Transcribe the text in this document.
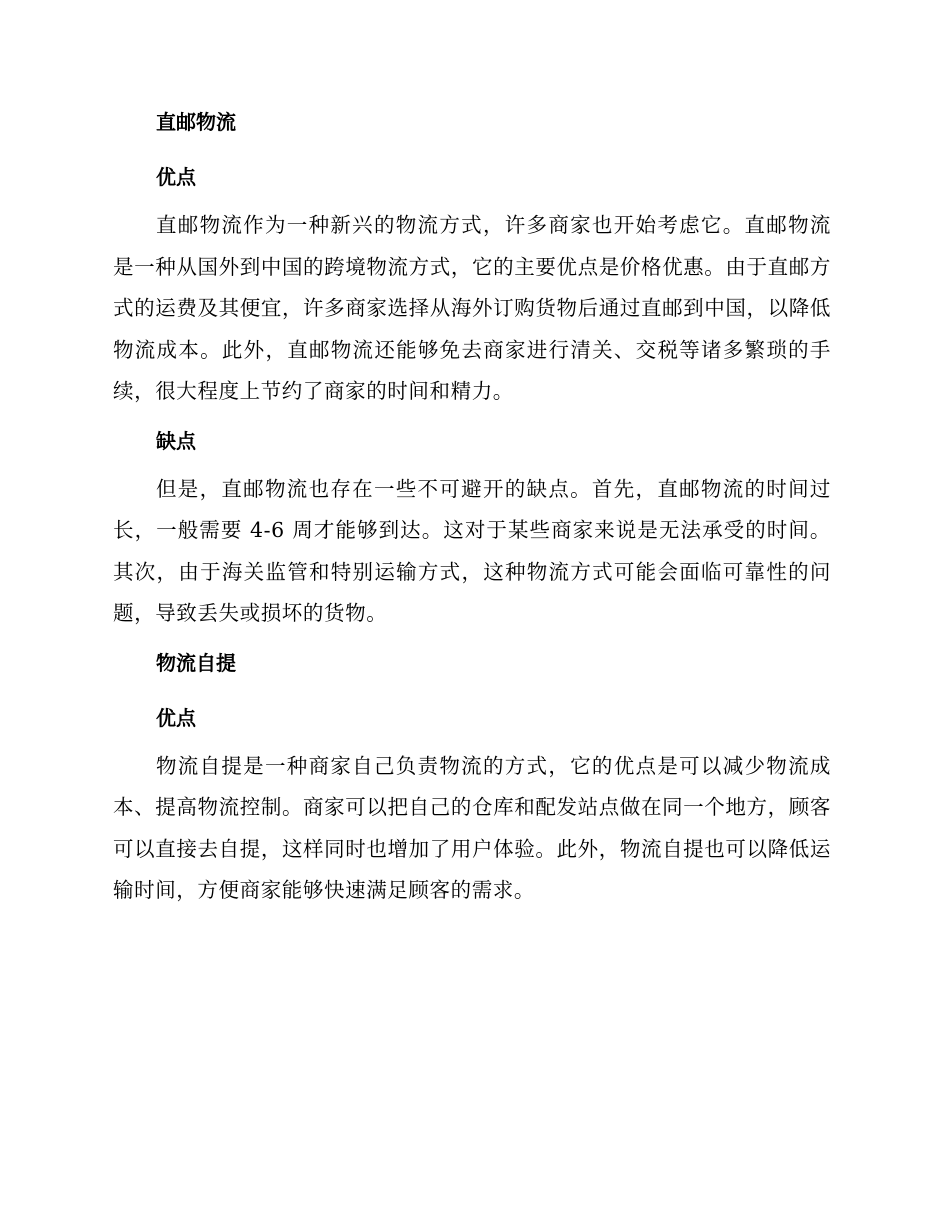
直邮物流
优点

直邮物流作为一种新兴的物流方式，许多商家也开始考虑它。直邮物流是一种从国外到中国的跨境物流方式，它的主要优点是价格优惠。由于直邮方式的运费及其便宜，许多商家选择从海外订购货物后通过直邮到中国，以降低物流成本。此外，直邮物流还能够免去商家进行清关、交税等诸多繁琐的手续，很大程度上节约了商家的时间和精力。

缺点

但是，直邮物流也存在一些不可避开的缺点。首先，直邮物流的时间过长，一般需要 4-6 周才能够到达。这对于某些商家来说是无法承受的时间。其次，由于海关监管和特别运输方式，这种物流方式可能会面临可靠性的问题，导致丢失或损坏的货物。

物流自提
优点

物流自提是一种商家自己负责物流的方式，它的优点是可以减少物流成本、提高物流控制。商家可以把自己的仓库和配发站点做在同一个地方，顾客可以直接去自提，这样同时也增加了用户体验。此外，物流自提也可以降低运输时间，方便商家能够快速满足顾客的需求。
